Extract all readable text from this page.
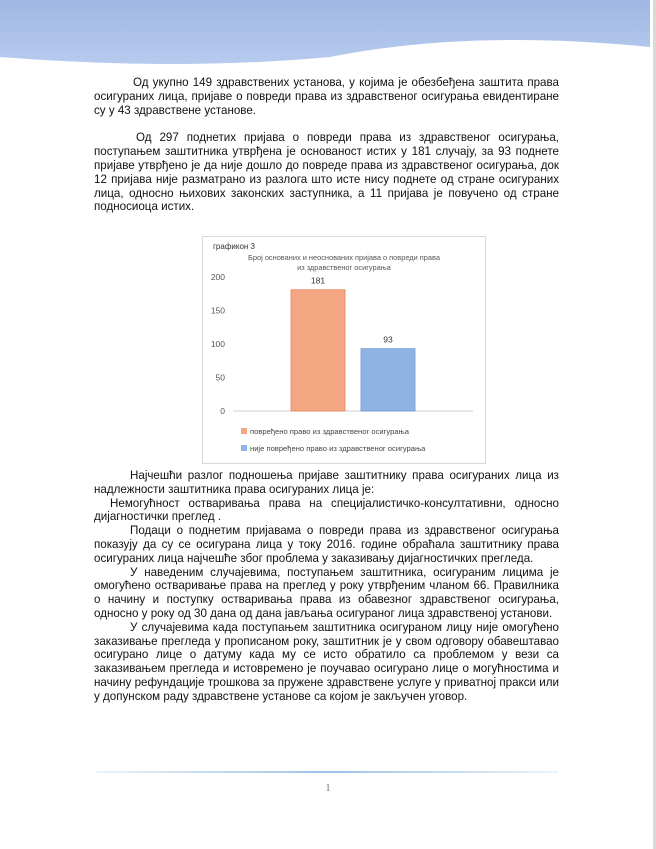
Од укупно 149 здравствених установа, у којима је обезбеђена заштита права осигураних лица, пријаве о повреди права из здравственог осигурања евидентиране су у 43 здравствене установе.

Од 297 поднетих пријава о повреди права из здравственог осигурања, поступањем заштитника утврђена је основаност истих у 181 случају, за 93 поднете пријаве утврђено је да није дошло до повреде права из здравственог осигурања, док 12 пријава није разматрано из разлога што исте нису поднете од стране осигураних лица, односно њихових законских заступника, а 11 пријава је повучено од стране подносиоца истих.

графикон 3
Број основаних и неоснованих пријава о повреди права
из здравственог осигурања
0
50
100
150
200	181
93
повређено право из здравственог осигурања
није повређено право из здравственог осигурања

Најчешћи разлог подношења пријаве заштитнику права осигураних лица из надлежности заштитника права осигураних лица је:

Немогућност остваривања права на специјалистичко-консултативни, односно дијагностички преглед .

Подаци о поднетим пријавама о повреди права из здравственог осигурања показују да су се осигурана лица у току 2016. године обраћала заштитнику права осигураних лица најчешће због проблема у заказивању дијагностичких прегледа.

У наведеним случајевима, поступањем заштитника, осигураним лицима је омогућено остваривање права на преглед у року утврђеним чланом 66. Правилника о начину и поступку остваривања права из обавезног здравственог осигурања, односно у року од 30 дана од дана јављања осигураног лица здравственој установи.

У случајевима када поступањем заштитника осигураном лицу није омогућено заказивање прегледа у прописаном року, заштитник је у свом одговору обавештавао осигурано лице о датуму када му се исто обратило са проблемом у вези са заказивањем прегледа и истовремено је поучавао осигурано лице о могућностима и начину рефундације трошкова за пружене здравствене услуге у приватној пракси или у допунском раду здравствене установе са којом је закључен уговор.

1
